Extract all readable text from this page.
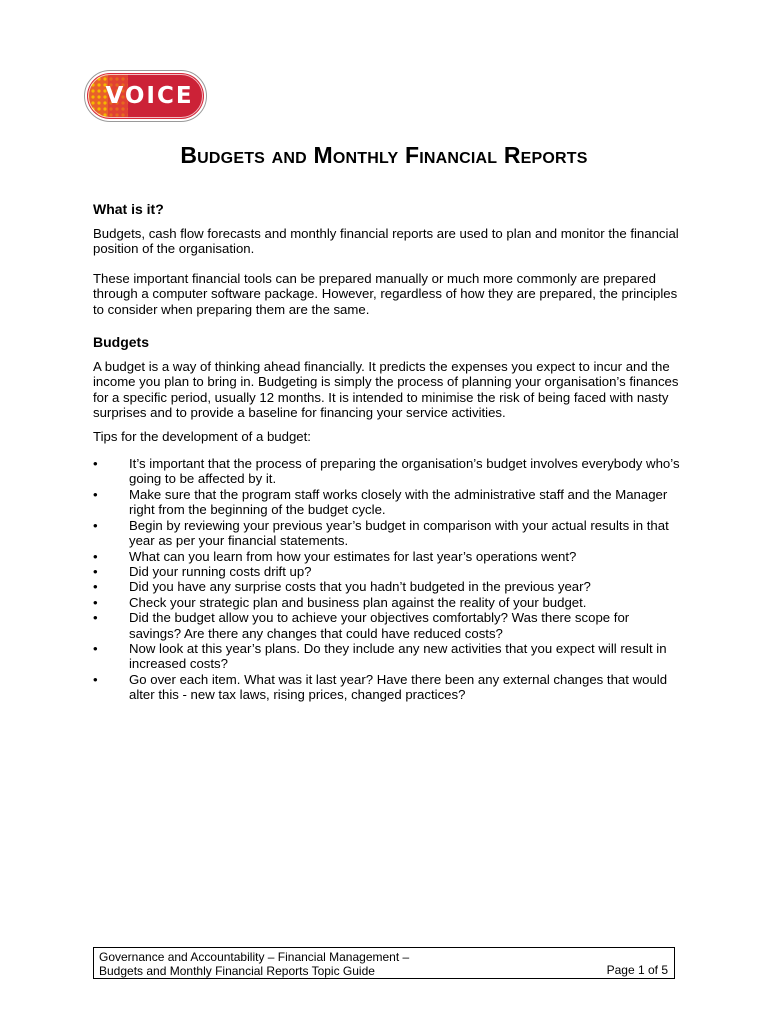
VOICE
Budgets and Monthly Financial Reports
What is it?

Budgets, cash flow forecasts and monthly financial reports are used to plan and monitor the financial position of the organisation.

These important financial tools can be prepared manually or much more commonly are prepared through a computer software package. However, regardless of how they are prepared, the principles to consider when preparing them are the same.

Budgets

A budget is a way of thinking ahead financially. It predicts the expenses you expect to incur and the income you plan to bring in. Budgeting is simply the process of planning your organisation’s finances for a specific period, usually 12 months. It is intended to minimise the risk of being faced with nasty surprises and to provide a baseline for financing your service activities.

Tips for the development of a budget:

• It’s important that the process of preparing the organisation’s budget involves everybody who’s going to be affected by it.
• Make sure that the program staff works closely with the administrative staff and the Manager right from the beginning of the budget cycle.
• Begin by reviewing your previous year’s budget in comparison with your actual results in that year as per your financial statements.
• What can you learn from how your estimates for last year’s operations went?
• Did your running costs drift up?
• Did you have any surprise costs that you hadn’t budgeted in the previous year?
• Check your strategic plan and business plan against the reality of your budget.
• Did the budget allow you to achieve your objectives comfortably? Was there scope for savings? Are there any changes that could have reduced costs?
• Now look at this year’s plans. Do they include any new activities that you expect will result in increased costs?
• Go over each item. What was it last year? Have there been any external changes that would alter this - new tax laws, rising prices, changed practices?
Governance and Accountability – Financial Management –
Budgets and Monthly Financial Reports Topic Guide	Page 1 of 5
